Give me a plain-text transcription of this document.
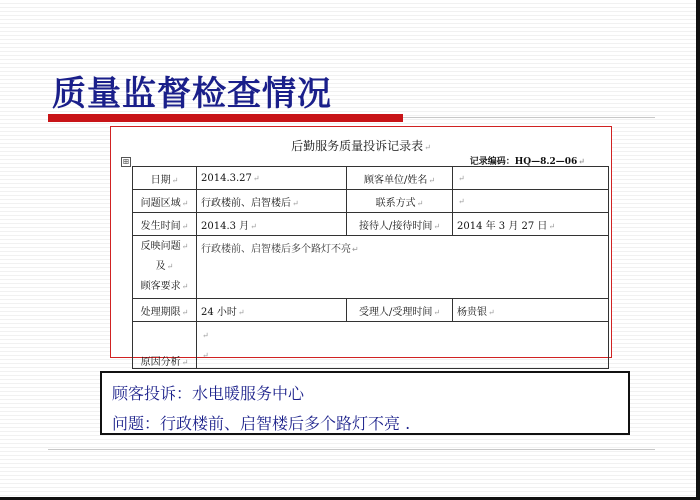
质量监督检查情况
后勤服务质量投诉记录表↵
⊞	记录编码：HQ—8.2—06↵
日期↵	2014.3.27↵	顾客单位/姓名↵	↵
问题区域↵	行政楼前、启智楼后↵	联系方式↵	↵
发生时间↵	2014.3 月↵	接待人/接待时间↵	2014 年 3 月 27 日↵

反映问题↵
及↵
顾客要求↵	行政楼前、启智楼后多个路灯不亮↵		
处理期限↵	24 小时↵	受理人/受理时间↵	杨贵银↵
原因分析↵	↵
↵		
顾客投诉：水电暖服务中心
问题：行政楼前、启智楼后多个路灯不亮 .
